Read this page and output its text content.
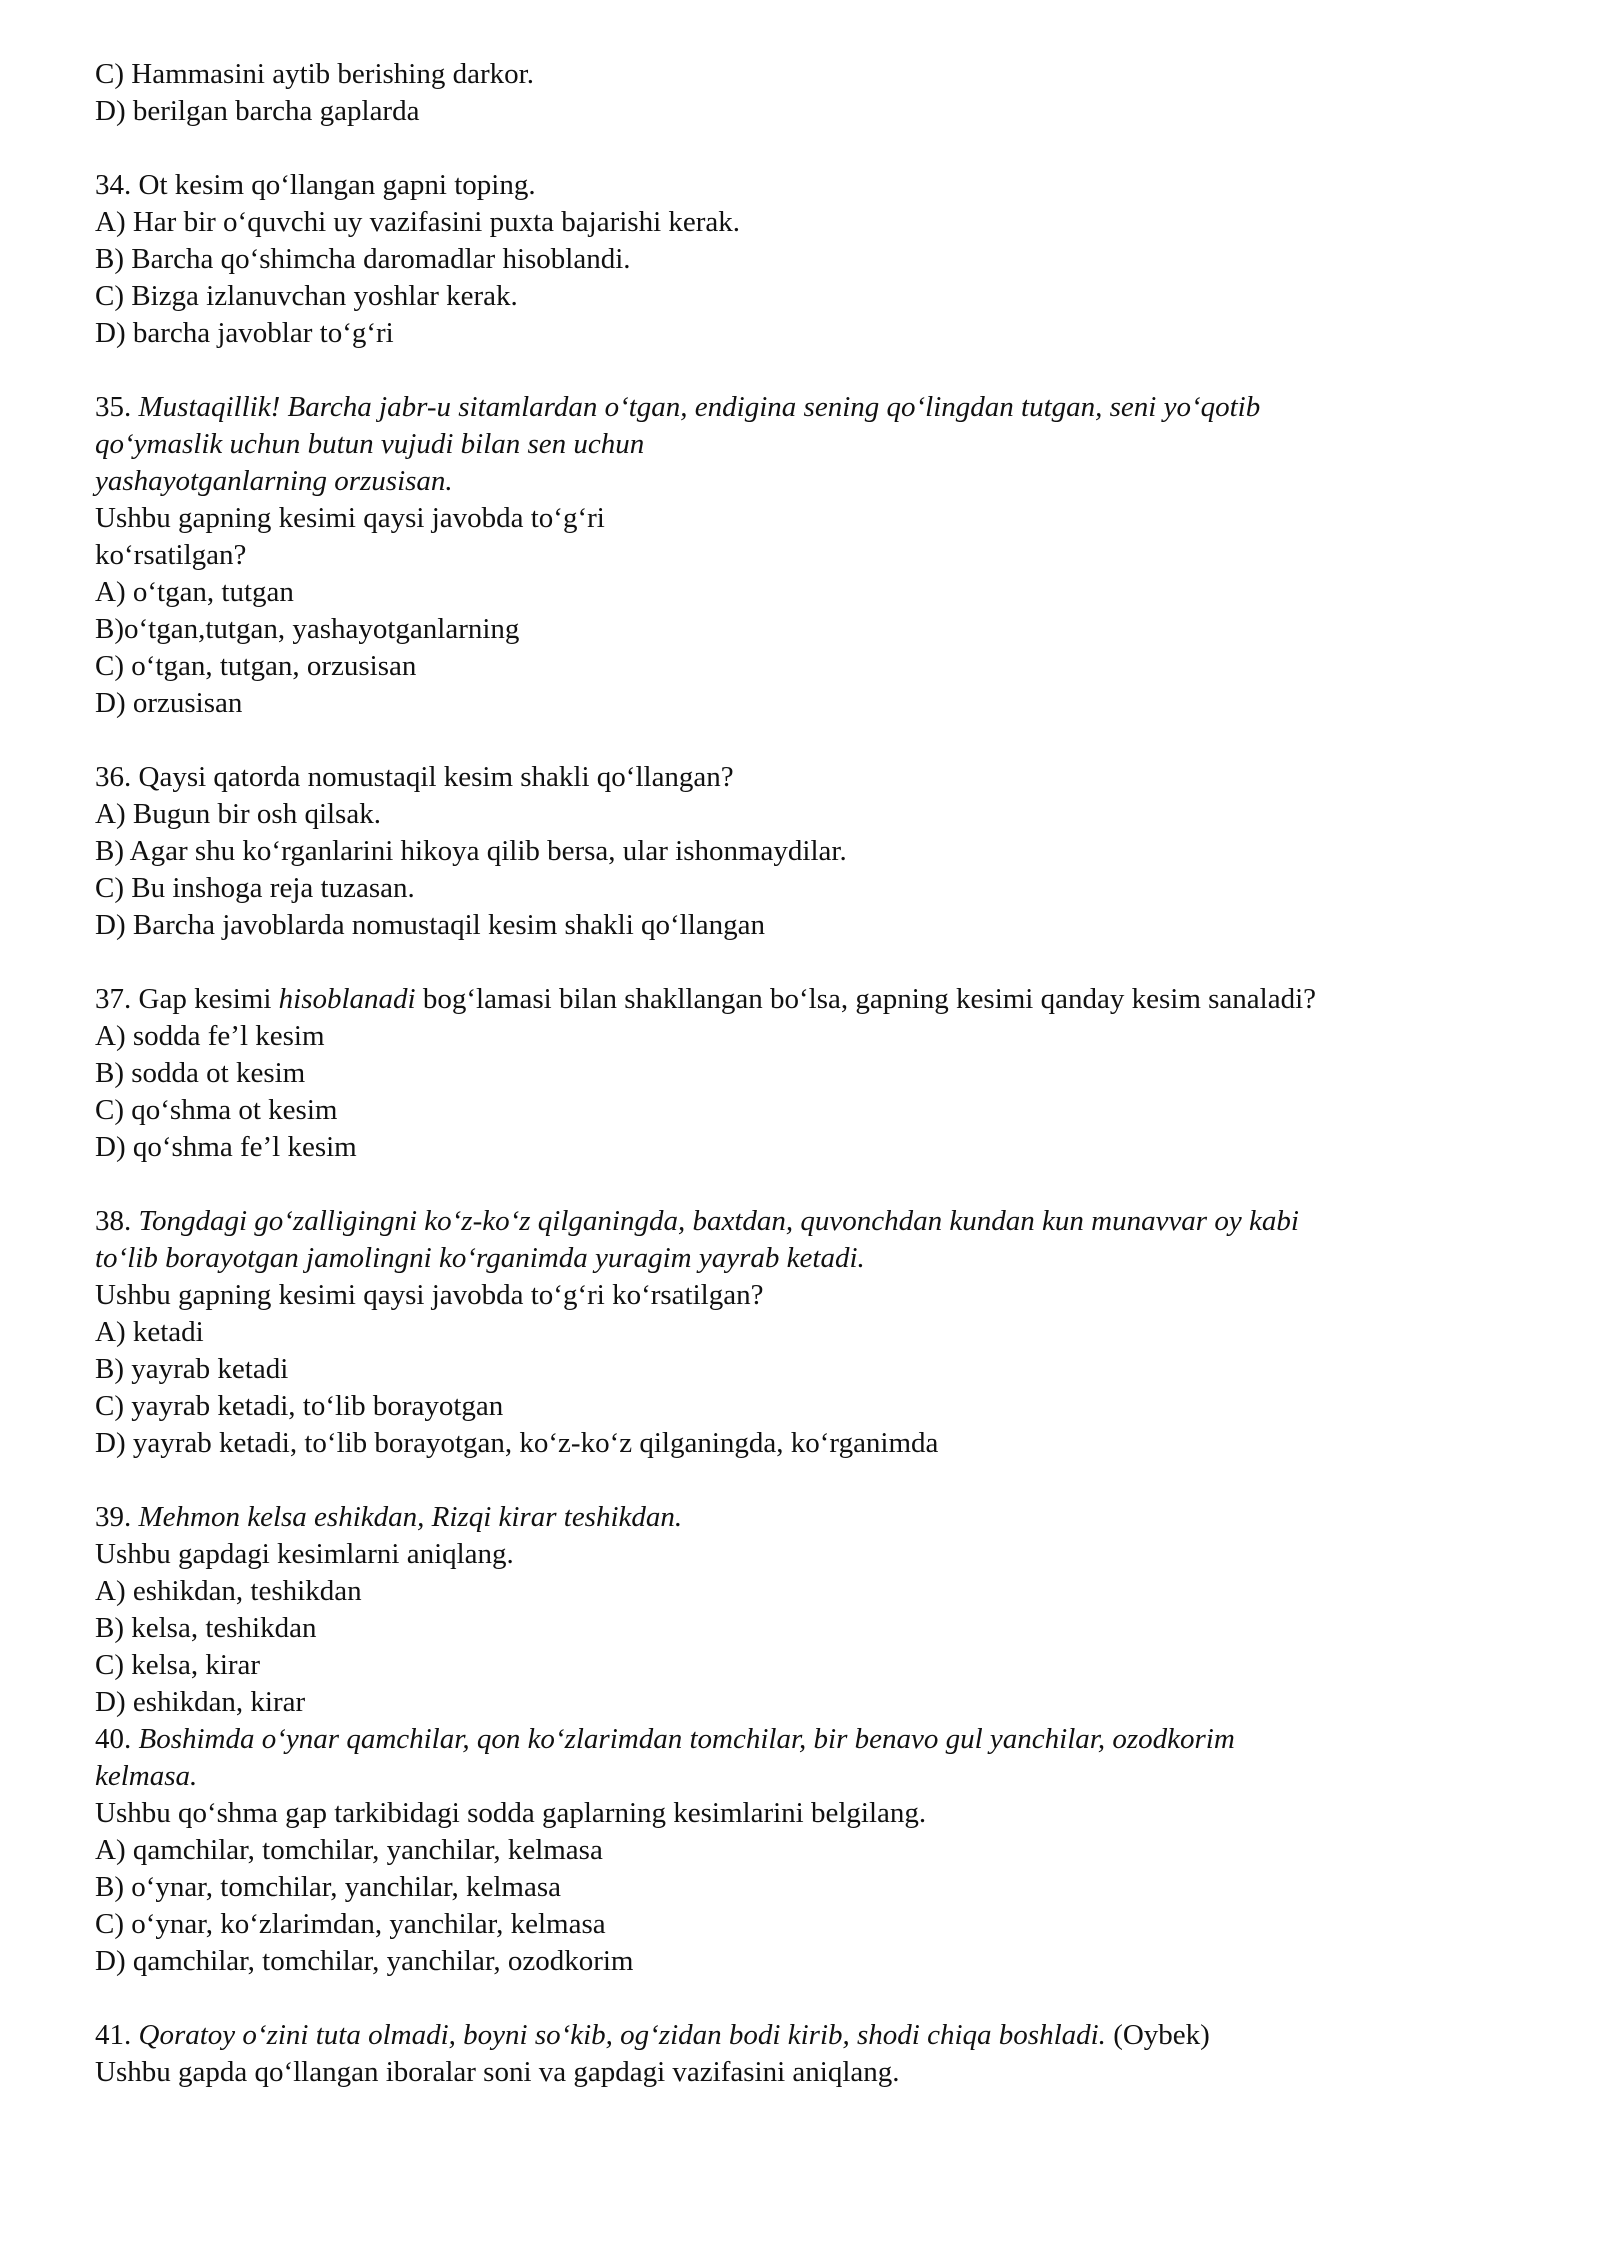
C) Hammasini aytib berishing darkor.
D) berilgan barcha gaplarda
34. Ot kesim qo‘llangan gapni toping.
A) Har bir o‘quvchi uy vazifasini puxta bajarishi kerak.
B) Barcha qo‘shimcha daromadlar hisoblandi.
C) Bizga izlanuvchan yoshlar kerak.
D) barcha javoblar to‘g‘ri
35. Mustaqillik! Barcha jabr-u sitamlardan o‘tgan, endigina sening qo‘lingdan tutgan, seni yo‘qotib
qo‘ymaslik uchun butun vujudi bilan sen uchun
yashayotganlarning orzusisan.
Ushbu gapning kesimi qaysi javobda to‘g‘ri
ko‘rsatilgan?
A) o‘tgan, tutgan
B)o‘tgan,tutgan, yashayotganlarning
C) o‘tgan, tutgan, orzusisan
D) orzusisan
36. Qaysi qatorda nomustaqil kesim shakli qo‘llangan?
A) Bugun bir osh qilsak.
B) Agar shu ko‘rganlarini hikoya qilib bersa, ular ishonmaydilar.
C) Bu inshoga reja tuzasan.
D) Barcha javoblarda nomustaqil kesim shakli qo‘llangan
37. Gap kesimi hisoblanadi bog‘lamasi bilan shakllangan bo‘lsa, gapning kesimi qanday kesim sanaladi?
A) sodda fe’l kesim
B) sodda ot kesim
C) qo‘shma ot kesim
D) qo‘shma fe’l kesim
38. Tongdagi go‘zalligingni ko‘z-ko‘z qilganingda, baxtdan, quvonchdan kundan kun munavvar oy kabi
to‘lib borayotgan jamolingni ko‘rganimda yuragim yayrab ketadi.
Ushbu gapning kesimi qaysi javobda to‘g‘ri ko‘rsatilgan?
A) ketadi
B) yayrab ketadi
C) yayrab ketadi, to‘lib borayotgan
D) yayrab ketadi, to‘lib borayotgan, ko‘z-ko‘z qilganingda, ko‘rganimda
39. Mehmon kelsa eshikdan, Rizqi kirar teshikdan.
Ushbu gapdagi kesimlarni aniqlang.
A) eshikdan, teshikdan
B) kelsa, teshikdan
C) kelsa, kirar
D) eshikdan, kirar
40. Boshimda o‘ynar qamchilar, qon ko‘zlarimdan tomchilar, bir benavo gul yanchilar, ozodkorim
kelmasa.
Ushbu qo‘shma gap tarkibidagi sodda gaplarning kesimlarini belgilang.
A) qamchilar, tomchilar, yanchilar, kelmasa
B) o‘ynar, tomchilar, yanchilar, kelmasa
C) o‘ynar, ko‘zlarimdan, yanchilar, kelmasa
D) qamchilar, tomchilar, yanchilar, ozodkorim
41. Qoratoy o‘zini tuta olmadi, boyni so‘kib, og‘zidan bodi kirib, shodi chiqa boshladi. (Oybek)
Ushbu gapda qo‘llangan iboralar soni va gapdagi vazifasini aniqlang.
